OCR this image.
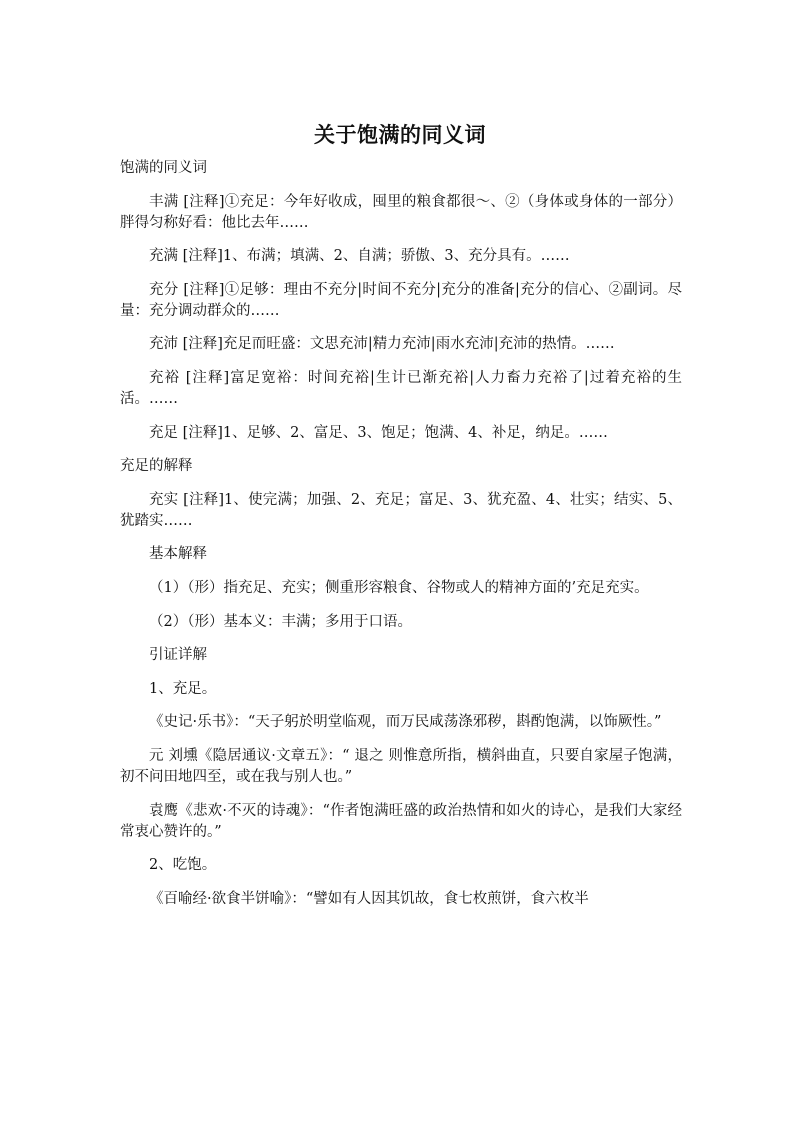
关于饱满的同义词

饱满的同义词

丰满 [注释]①充足：今年好收成，囤里的粮食都很～、②（身体或身体的一部分）胖得匀称好看：他比去年……

充满 [注释]1、布满；填满、2、自满；骄傲、3、充分具有。……

充分 [注释]①足够：理由不充分|时间不充分|充分的准备|充分的信心、②副词。尽量：充分调动群众的……

充沛 [注释]充足而旺盛：文思充沛|精力充沛|雨水充沛|充沛的热情。……

充裕 [注释]富足宽裕：时间充裕|生计已渐充裕|人力畜力充裕了|过着充裕的生活。……

充足 [注释]1、足够、2、富足、3、饱足；饱满、4、补足，纳足。……

充足的解释

充实 [注释]1、使完满；加强、2、充足；富足、3、犹充盈、4、壮实；结实、5、犹踏实……

基本解释

（1）（形）指充足、充实；侧重形容粮食、谷物或人的精神方面的’充足充实。

（2）（形）基本义：丰满；多用于口语。

引证详解

1、充足。

《史记·乐书》：“天子躬於明堂临观，而万民咸荡涤邪秽，斟酌饱满，以饰厥性。”

元 刘壎《隐居通议·文章五》：“ 退之 则惟意所指，横斜曲直，只要自家屋子饱满，初不问田地四至，或在我与别人也。”

袁鹰《悲欢·不灭的诗魂》：“作者饱满旺盛的政治热情和如火的诗心，是我们大家经常衷心赞许的。”

2、吃饱。

《百喻经·欲食半饼喻》：“譬如有人因其饥故，食七枚煎饼，食六枚半
